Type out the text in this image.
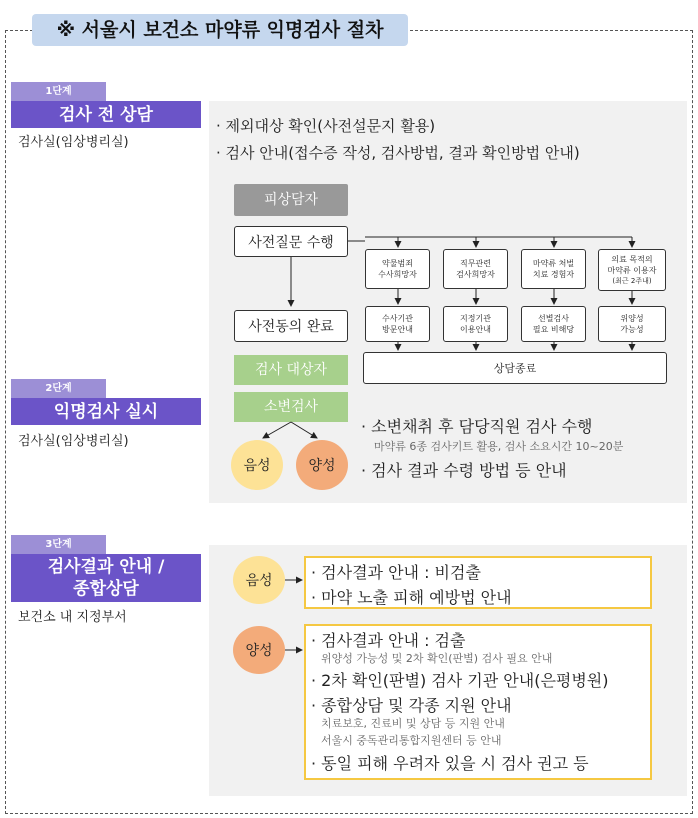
※ 서울시 보건소 마약류 익명검사 절차
1단계
검사 전 상담
검사실(임상병리실)
2단계
익명검사 실시
검사실(임상병리실)
3단계
검사결과 안내 /
종합상담
보건소 내 지정부서
· 제외대상 확인(사전설문지 활용)
· 검사 안내(접수증 작성, 검사방법, 결과 확인방법 안내)
피상담자
사전질문 수행
사전동의 완료
검사 대상자
소변검사
음성	양성
약물범죄
수사희망자
직무관련
검사희망자
마약류 처벌
치료 경험자
의료 목적의
마약류 이용자
(최근 2주내)
수사기관
방문안내
지정기관
이용안내
선별검사
필요 비해당
위양성
가능성
상담종료
· 소변채취 후 담당직원 검사 수행
마약류 6종 검사키트 활용, 검사 소요시간 10~20분
· 검사 결과 수령 방법 등 안내
음성	· 검사결과 안내 : 비검출
· 마약 노출 피해 예방법 안내
양성
· 검사결과 안내 : 검출
위양성 가능성 및 2차 확인(판별) 검사 필요 안내
· 2차 확인(판별) 검사 기관 안내(은평병원)
· 종합상담 및 각종 지원 안내
치료보호, 진료비 및 상담 등 지원 안내
서울시 중독관리통합지원센터 등 안내
· 동일 피해 우려자 있을 시 검사 권고 등
